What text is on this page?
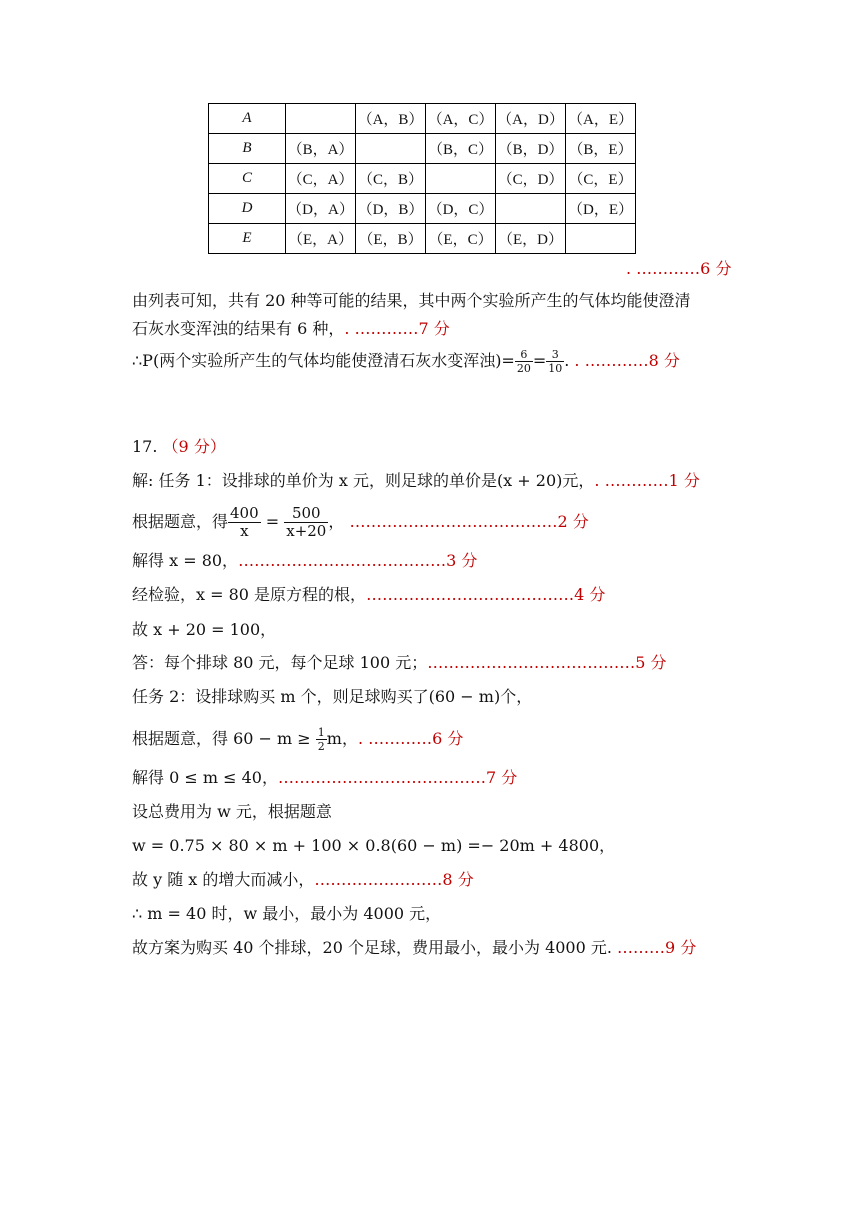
A		（A，B）	（A，C）	（A，D）	（A，E）
B	（B，A）		（B，C）	（B，D）	（B，E）
C	（C，A）	（C，B）		（C，D）	（C，E）
D	（D，A）	（D，B）	（D，C）		（D，E）
E	（E，A）	（E，B）	（E，C）	（E，D）	
. …………6 分
由列表可知，共有 20 种等可能的结果，其中两个实验所产生的气体均能使澄清
石灰水变浑浊的结果有 6 种，. …………7 分
∴P(两个实验所产生的气体均能使澄清石灰水变浑浊)= $\frac{6}{20} = \frac{3}{10}$ . . …………8 分
17. （9 分）
解: 任务 1：设排球的单价为 x 元，则足球的单价是(x + 20)元，. …………1 分
根据题意，得 $\frac{400}{x} = \frac{500}{x+20}$ ， …………………………………2 分
解得 x = 80，…………………………………3 分
经检验，x = 80 是原方程的根，…………………………………4 分
故 x + 20 = 100，
答：每个排球 80 元，每个足球 100 元；…………………………………5 分
任务 2：设排球购买 m 个，则足球购买了(60 − m)个，
根据题意，得 $60 - m \ge \frac{1}{2}$ m，. …………6 分
解得 0 ≤ m ≤ 40，…………………………………7 分
设总费用为 w 元，根据题意
w = 0.75 × 80 × m + 100 × 0.8(60 − m) =− 20m + 4800，
故 y 随 x 的增大而减小，……………………8 分
∴ m = 40 时，w 最小，最小为 4000 元，
故方案为购买 40 个排球，20 个足球，费用最小，最小为 4000 元. ………9 分
